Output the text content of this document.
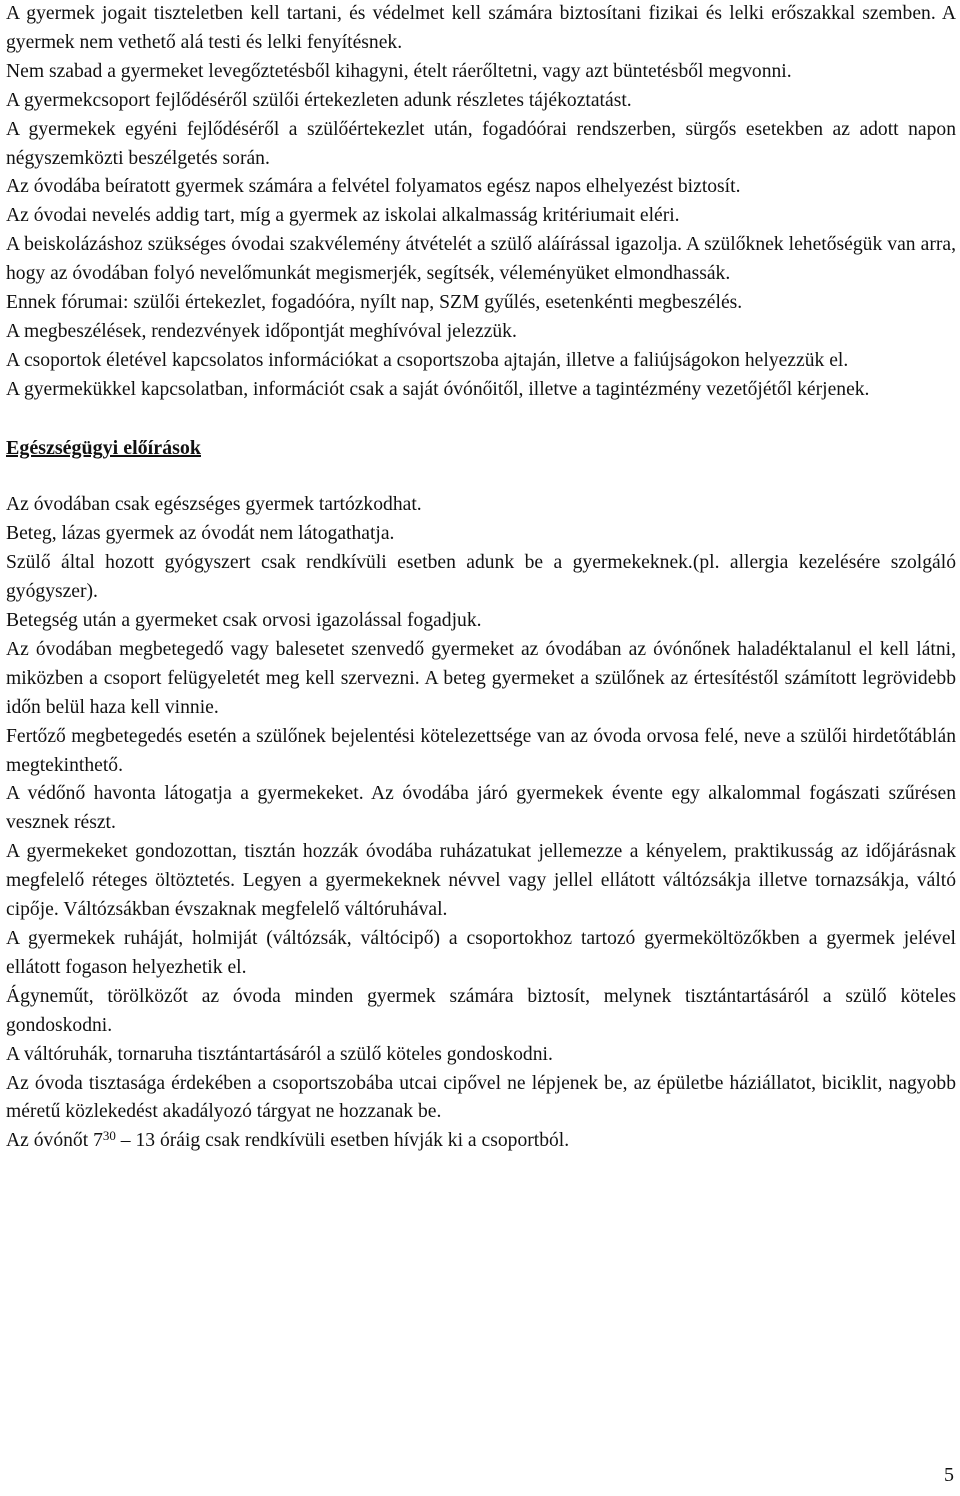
A gyermek jogait tiszteletben kell tartani, és védelmet kell számára biztosítani fizikai és lelki erőszakkal szemben. A gyermek nem vethető alá testi és lelki fenyítésnek.

Nem szabad a gyermeket levegőztetésből kihagyni, ételt ráerőltetni, vagy azt büntetésből megvonni.

A gyermekcsoport fejlődéséről szülői értekezleten adunk részletes tájékoztatást.

A gyermekek egyéni fejlődéséről a szülőértekezlet után, fogadóórai rendszerben, sürgős esetekben az adott napon négyszemközti beszélgetés során.

Az óvodába beíratott gyermek számára a felvétel folyamatos egész napos elhelyezést biztosít.

Az óvodai nevelés addig tart, míg a gyermek az iskolai alkalmasság kritériumait eléri.

A beiskolázáshoz szükséges óvodai szakvélemény átvételét a szülő aláírással igazolja. A szülőknek lehetőségük van arra, hogy az óvodában folyó nevelőmunkát megismerjék, segítsék, véleményüket elmondhassák.

Ennek fórumai: szülői értekezlet, fogadóóra, nyílt nap, SZM gyűlés, esetenkénti megbeszélés.

A megbeszélések, rendezvények időpontját meghívóval jelezzük.

A csoportok életével kapcsolatos információkat a csoportszoba ajtaján, illetve a faliújságokon helyezzük el.

A gyermekükkel kapcsolatban, információt csak a saját óvónőitől, illetve a tagintézmény vezetőjétől kérjenek.

Egészségügyi előírások

Az óvodában csak egészséges gyermek tartózkodhat.

Beteg, lázas gyermek az óvodát nem látogathatja.

Szülő által hozott gyógyszert csak rendkívüli esetben adunk be a gyermekeknek.(pl. allergia kezelésére szolgáló gyógyszer).

Betegség után a gyermeket csak orvosi igazolással fogadjuk.

Az óvodában megbetegedő vagy balesetet szenvedő gyermeket az óvodában az óvónőnek haladéktalanul el kell látni, miközben a csoport felügyeletét meg kell szervezni. A beteg gyermeket a szülőnek az értesítéstől számított legrövidebb időn belül haza kell vinnie.

Fertőző megbetegedés esetén a szülőnek bejelentési kötelezettsége van az óvoda orvosa felé, neve a szülői hirdetőtáblán megtekinthető.

A védőnő havonta látogatja a gyermekeket. Az óvodába járó gyermekek évente egy alkalommal fogászati szűrésen vesznek részt.

A gyermekeket gondozottan, tisztán hozzák óvodába ruházatukat jellemezze a kényelem, praktikusság az időjárásnak megfelelő réteges öltöztetés. Legyen a gyermekeknek névvel vagy jellel ellátott váltózsákja illetve tornazsákja, váltó cipője. Váltózsákban évszaknak megfelelő váltóruhával.

A gyermekek ruháját, holmiját (váltózsák, váltócipő) a csoportokhoz tartozó gyermeköltözőkben a gyermek jelével ellátott fogason helyezhetik el.

Ágyneműt, törölközőt az óvoda minden gyermek számára biztosít, melynek tisztántartásáról a szülő köteles gondoskodni.

A váltóruhák, tornaruha tisztántartásáról a szülő köteles gondoskodni.

Az óvoda tisztasága érdekében a csoportszobába utcai cipővel ne lépjenek be, az épületbe háziállatot, biciklit, nagyobb méretű közlekedést akadályozó tárgyat ne hozzanak be.

Az óvónőt $7^{30} - 13$ óráig csak rendkívüli esetben hívják ki a csoportból.

5
